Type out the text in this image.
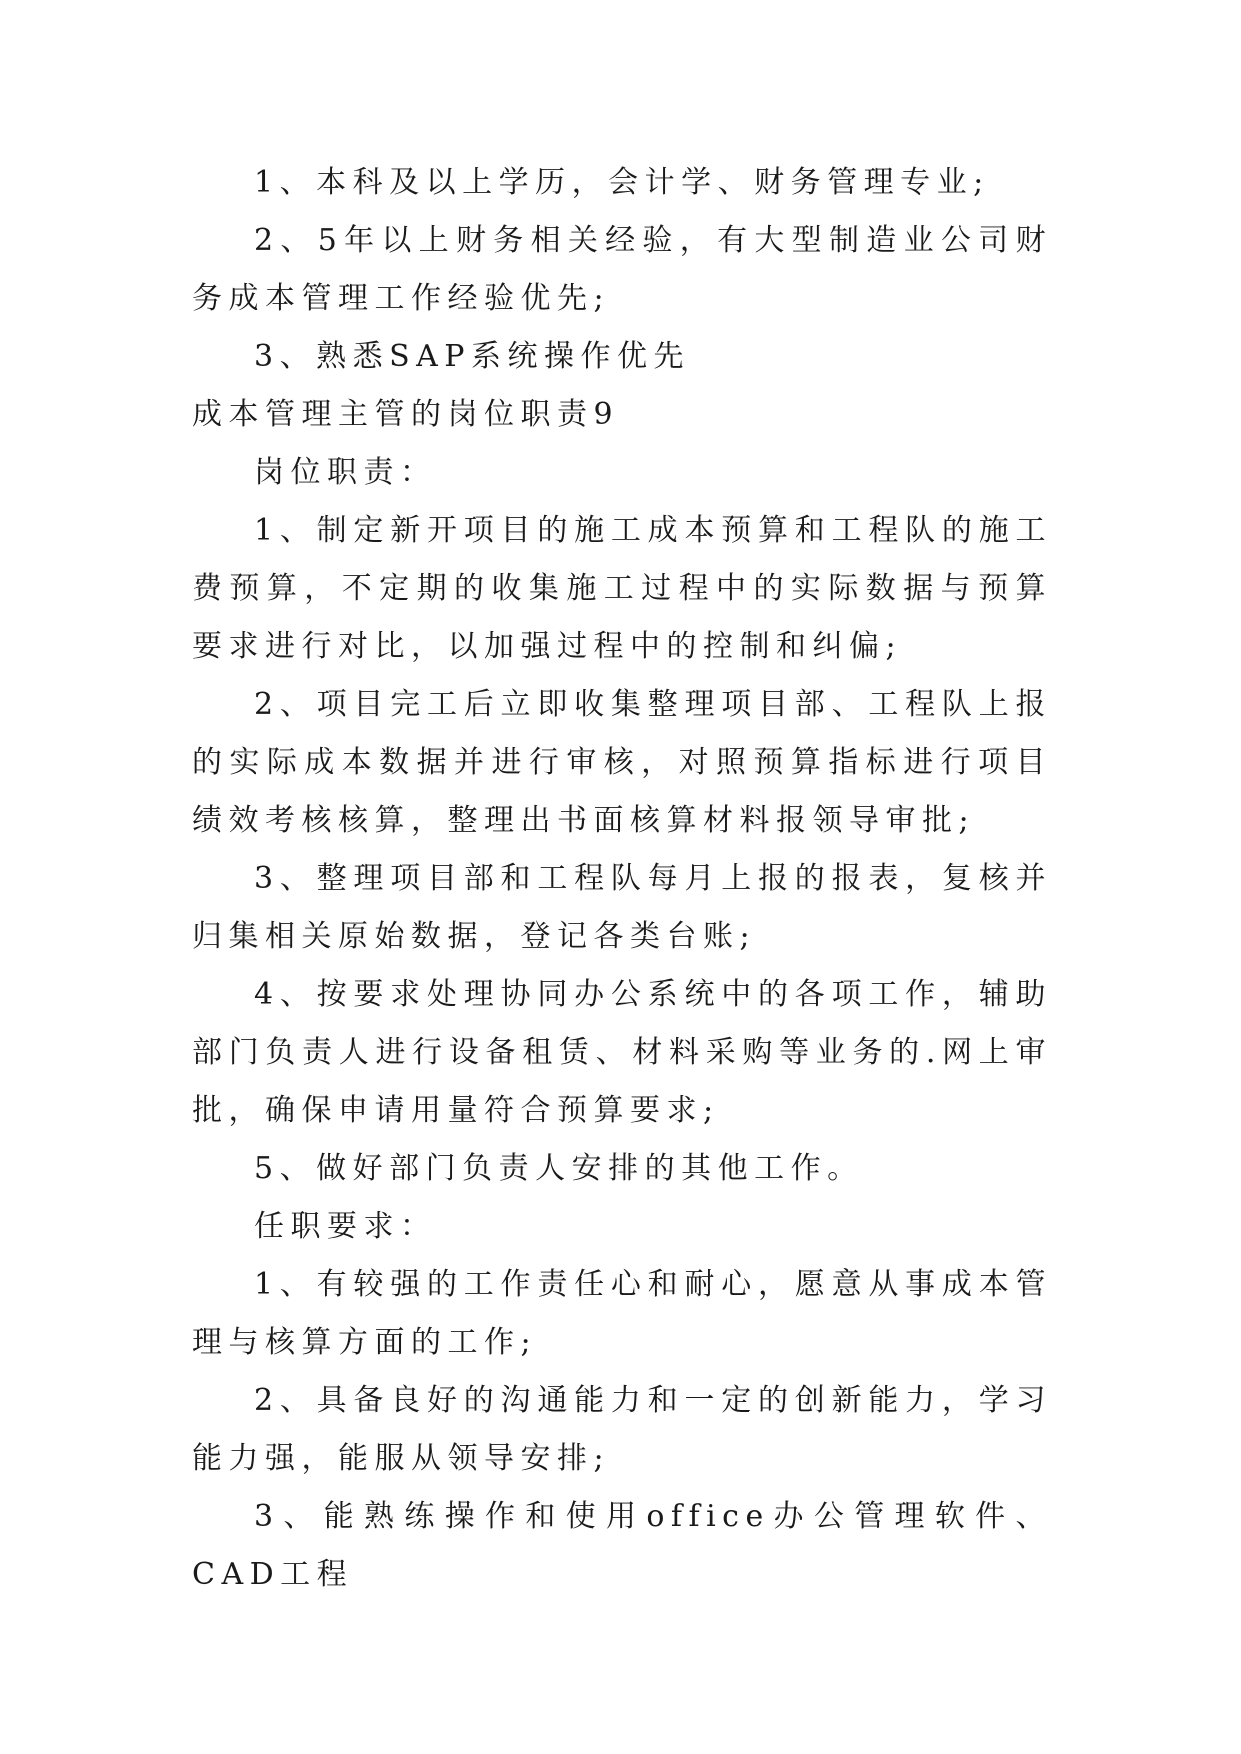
1、本科及以上学历，会计学、财务管理专业;

2、5年以上财务相关经验，有大型制造业公司财务成本管理工作经验优先;

3、熟悉SAP系统操作优先

成本管理主管的岗位职责9

岗位职责：

1、制定新开项目的施工成本预算和工程队的施工费预算，不定期的收集施工过程中的实际数据与预算要求进行对比，以加强过程中的控制和纠偏;

2、项目完工后立即收集整理项目部、工程队上报的实际成本数据并进行审核，对照预算指标进行项目绩效考核核算，整理出书面核算材料报领导审批;

3、整理项目部和工程队每月上报的报表，复核并归集相关原始数据，登记各类台账;

4、按要求处理协同办公系统中的各项工作，辅助部门负责人进行设备租赁、材料采购等业务的.网上审批，确保申请用量符合预算要求;

5、做好部门负责人安排的其他工作。

任职要求：

1、有较强的工作责任心和耐心，愿意从事成本管理与核算方面的工作;

2、具备良好的沟通能力和一定的创新能力，学习能力强，能服从领导安排;

3、能熟练操作和使用office办公管理软件、CAD工程
